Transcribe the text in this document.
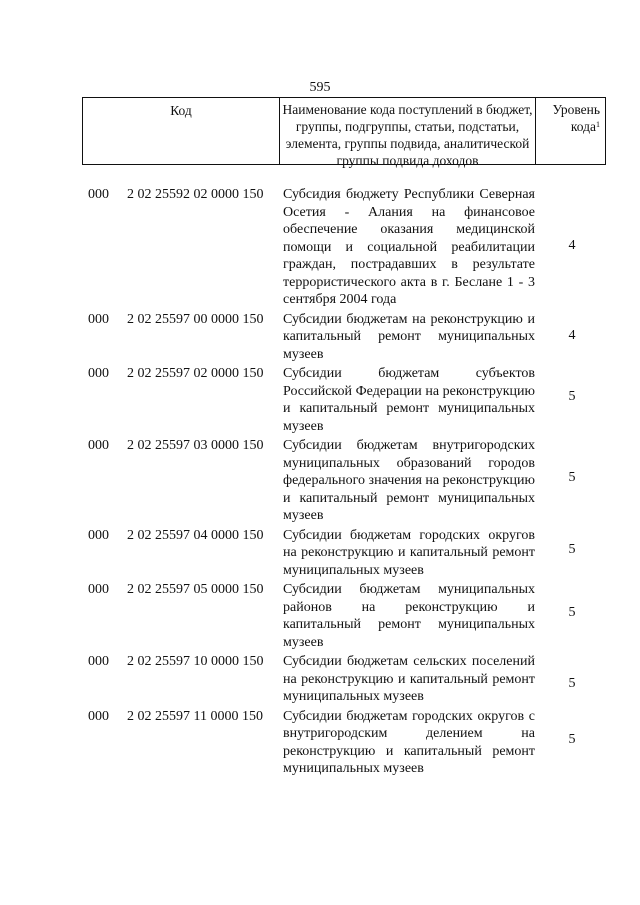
595
Код	Наименование кода поступлений в бюджет, группы, подгруппы, статьи, подстатьи, элемента, группы подвида, аналитической группы подвида доходов
Уровень кода$^1$
000 2 02 25592 02 0000 150 Субсидия бюджету Республики Северная Осетия - Алания на финансовое обеспечение оказания медицинской помощи и социальной реабилитации граждан, пострадавших в результате террористического акта в г. Беслане 1 - 3 сентября 2004 года
4
000 2 02 25597 00 0000 150 Субсидии бюджетам на реконструкцию и капитальный ремонт муниципальных музеев
4
000 2 02 25597 02 0000 150 Субсидии бюджетам субъектов Российской Федерации на реконструкцию и капитальный ремонт муниципальных музеев
5
000 2 02 25597 03 0000 150 Субсидии бюджетам внутригородских муниципальных образований городов федерального значения на реконструкцию и капитальный ремонт муниципальных музеев
5
000 2 02 25597 04 0000 150 Субсидии бюджетам городских округов на реконструкцию и капитальный ремонт муниципальных музеев
5
000 2 02 25597 05 0000 150 Субсидии бюджетам муниципальных районов на реконструкцию и капитальный ремонт муниципальных музеев
5
000 2 02 25597 10 0000 150 Субсидии бюджетам сельских поселений на реконструкцию и капитальный ремонт муниципальных музеев
5
000 2 02 25597 11 0000 150 Субсидии бюджетам городских округов с внутригородским делением на реконструкцию и капитальный ремонт муниципальных музеев
5
